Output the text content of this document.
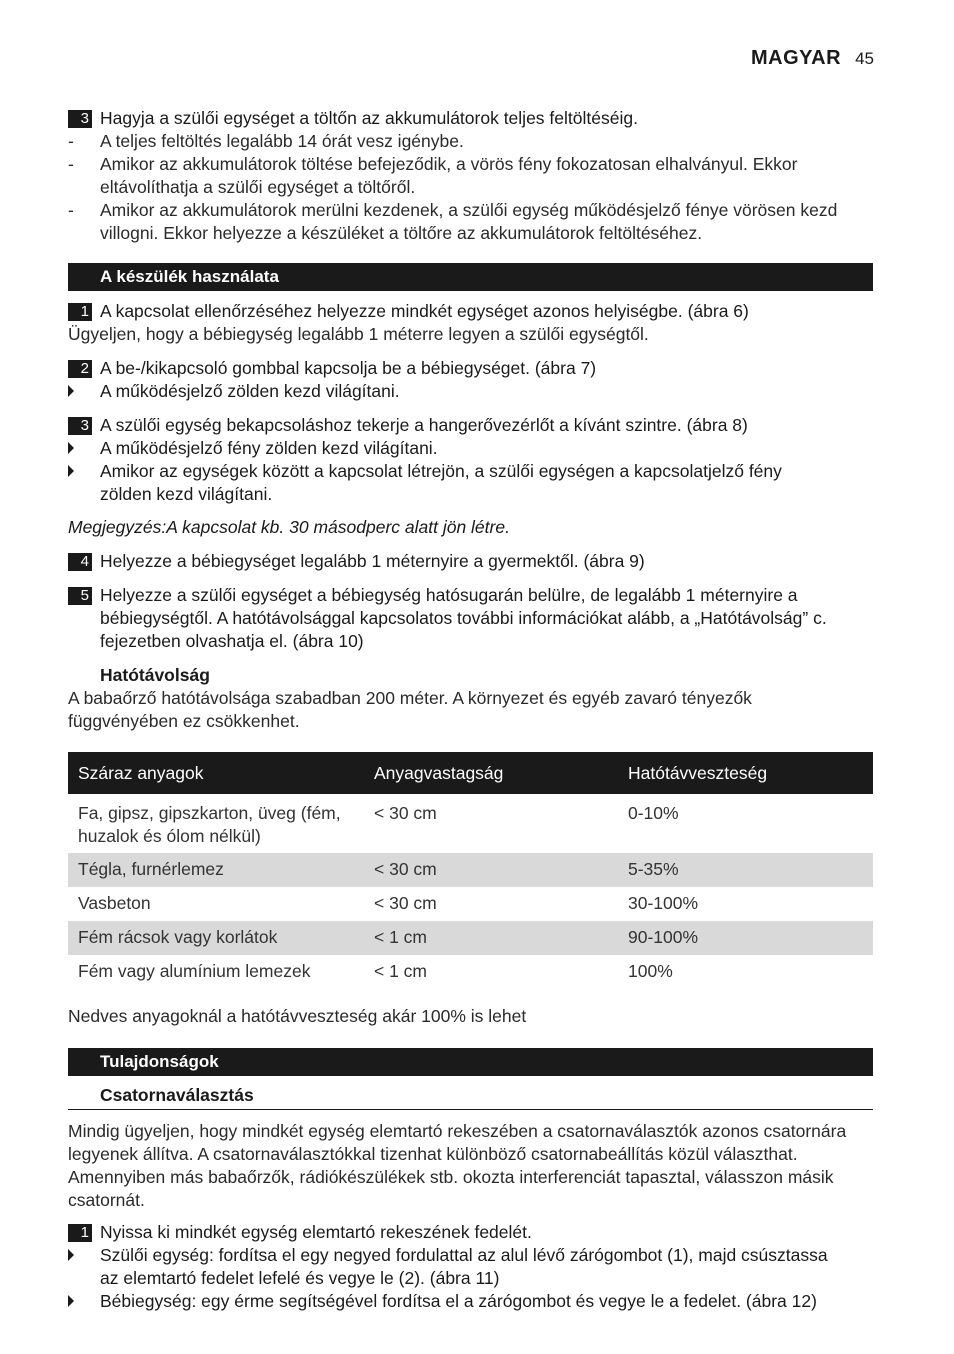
MAGYAR 45
3 Hagyja a szülői egységet a töltőn az akkumulátorok teljes feltöltéséig.
- A teljes feltöltés legalább 14 órát vesz igénybe.
- Amikor az akkumulátorok töltése befejeződik, a vörös fény fokozatosan elhalványul. Ekkor
eltávolíthatja a szülői egységet a töltőről.
- Amikor az akkumulátorok merülni kezdenek, a szülői egység működésjelző fénye vörösen kezd
villogni. Ekkor helyezze a készüléket a töltőre az akkumulátorok feltöltéséhez.
A készülék használata
1 A kapcsolat ellenőrzéséhez helyezze mindkét egységet azonos helyiségbe. (ábra 6)
Ügyeljen, hogy a bébiegység legalább 1 méterre legyen a szülői egységtől.
2 A be-/kikapcsoló gombbal kapcsolja be a bébiegységet. (ábra 7)
A működésjelző zölden kezd világítani.
3 A szülői egység bekapcsoláshoz tekerje a hangerővezérlőt a kívánt szintre. (ábra 8)
A működésjelző fény zölden kezd világítani.
Amikor az egységek között a kapcsolat létrejön, a szülői egységen a kapcsolatjelző fény
zölden kezd világítani.
Megjegyzés:A kapcsolat kb. 30 másodperc alatt jön létre.
4 Helyezze a bébiegységet legalább 1 méternyire a gyermektől. (ábra 9)
5 Helyezze a szülői egységet a bébiegység hatósugarán belülre, de legalább 1 méternyire a
bébiegységtől. A hatótávolsággal kapcsolatos további információkat alább, a „Hatótávolság” c.
fejezetben olvashatja el. (ábra 10)
Hatótávolság
A babaőrző hatótávolsága szabadban 200 méter. A környezet és egyéb zavaró tényezők
függvényében ez csökkenhet.
Száraz anyagok	Anyagvastagság	Hatótávveszteség
Fa, gipsz, gipszkarton, üveg (fém,
huzalok és ólom nélkül)	< 30 cm	0-10%
Tégla, furnérlemez	< 30 cm	5-35%
Vasbeton	< 30 cm	30-100%
Fém rácsok vagy korlátok	< 1 cm	90-100%
Fém vagy alumínium lemezek	< 1 cm	100%
Nedves anyagoknál a hatótávveszteség akár 100% is lehet
Tulajdonságok
Csatornaválasztás
Mindig ügyeljen, hogy mindkét egység elemtartó rekeszében a csatornaválasztók azonos csatornára
legyenek állítva. A csatornaválasztókkal tizenhat különböző csatornabeállítás közül választhat.
Amennyiben más babaőrzők, rádiókészülékek stb. okozta interferenciát tapasztal, válasszon másik
csatornát.
1 Nyissa ki mindkét egység elemtartó rekeszének fedelét.
Szülői egység: fordítsa el egy negyed fordulattal az alul lévő zárógombot (1), majd csúsztassa
az elemtartó fedelet lefelé és vegye le (2). (ábra 11)
Bébiegység: egy érme segítségével fordítsa el a zárógombot és vegye le a fedelet. (ábra 12)
